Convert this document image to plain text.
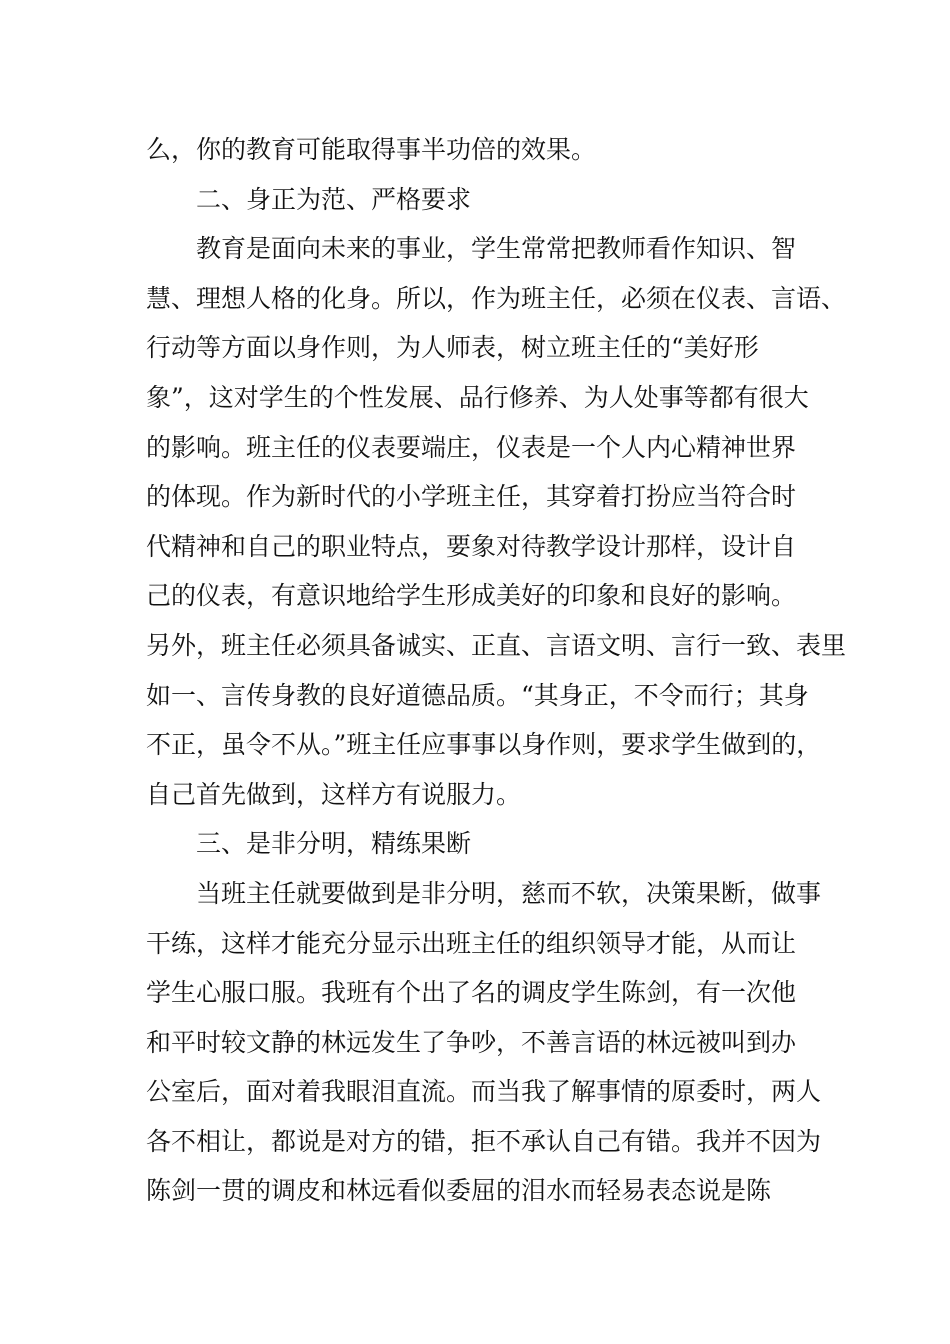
么，你的教育可能取得事半功倍的效果。
二、身正为范、严格要求
教育是面向未来的事业，学生常常把教师看作知识、智
慧、理想人格的化身。所以，作为班主任，必须在仪表、言语、
行动等方面以身作则，为人师表，树立班主任的“美好形
象”，这对学生的个性发展、品行修养、为人处事等都有很大
的影响。班主任的仪表要端庄，仪表是一个人内心精神世界
的体现。作为新时代的小学班主任，其穿着打扮应当符合时
代精神和自己的职业特点，要象对待教学设计那样，设计自
己的仪表，有意识地给学生形成美好的印象和良好的影响。
另外，班主任必须具备诚实、正直、言语文明、言行一致、表里
如一、言传身教的良好道德品质。“其身正，不令而行；其身
不正，虽令不从。”班主任应事事以身作则，要求学生做到的，
自己首先做到，这样方有说服力。
三、是非分明，精练果断
当班主任就要做到是非分明，慈而不软，决策果断，做事
干练，这样才能充分显示出班主任的组织领导才能，从而让
学生心服口服。我班有个出了名的调皮学生陈剑，有一次他
和平时较文静的林远发生了争吵，不善言语的林远被叫到办
公室后，面对着我眼泪直流。而当我了解事情的原委时，两人
各不相让，都说是对方的错，拒不承认自己有错。我并不因为
陈剑一贯的调皮和林远看似委屈的泪水而轻易表态说是陈
